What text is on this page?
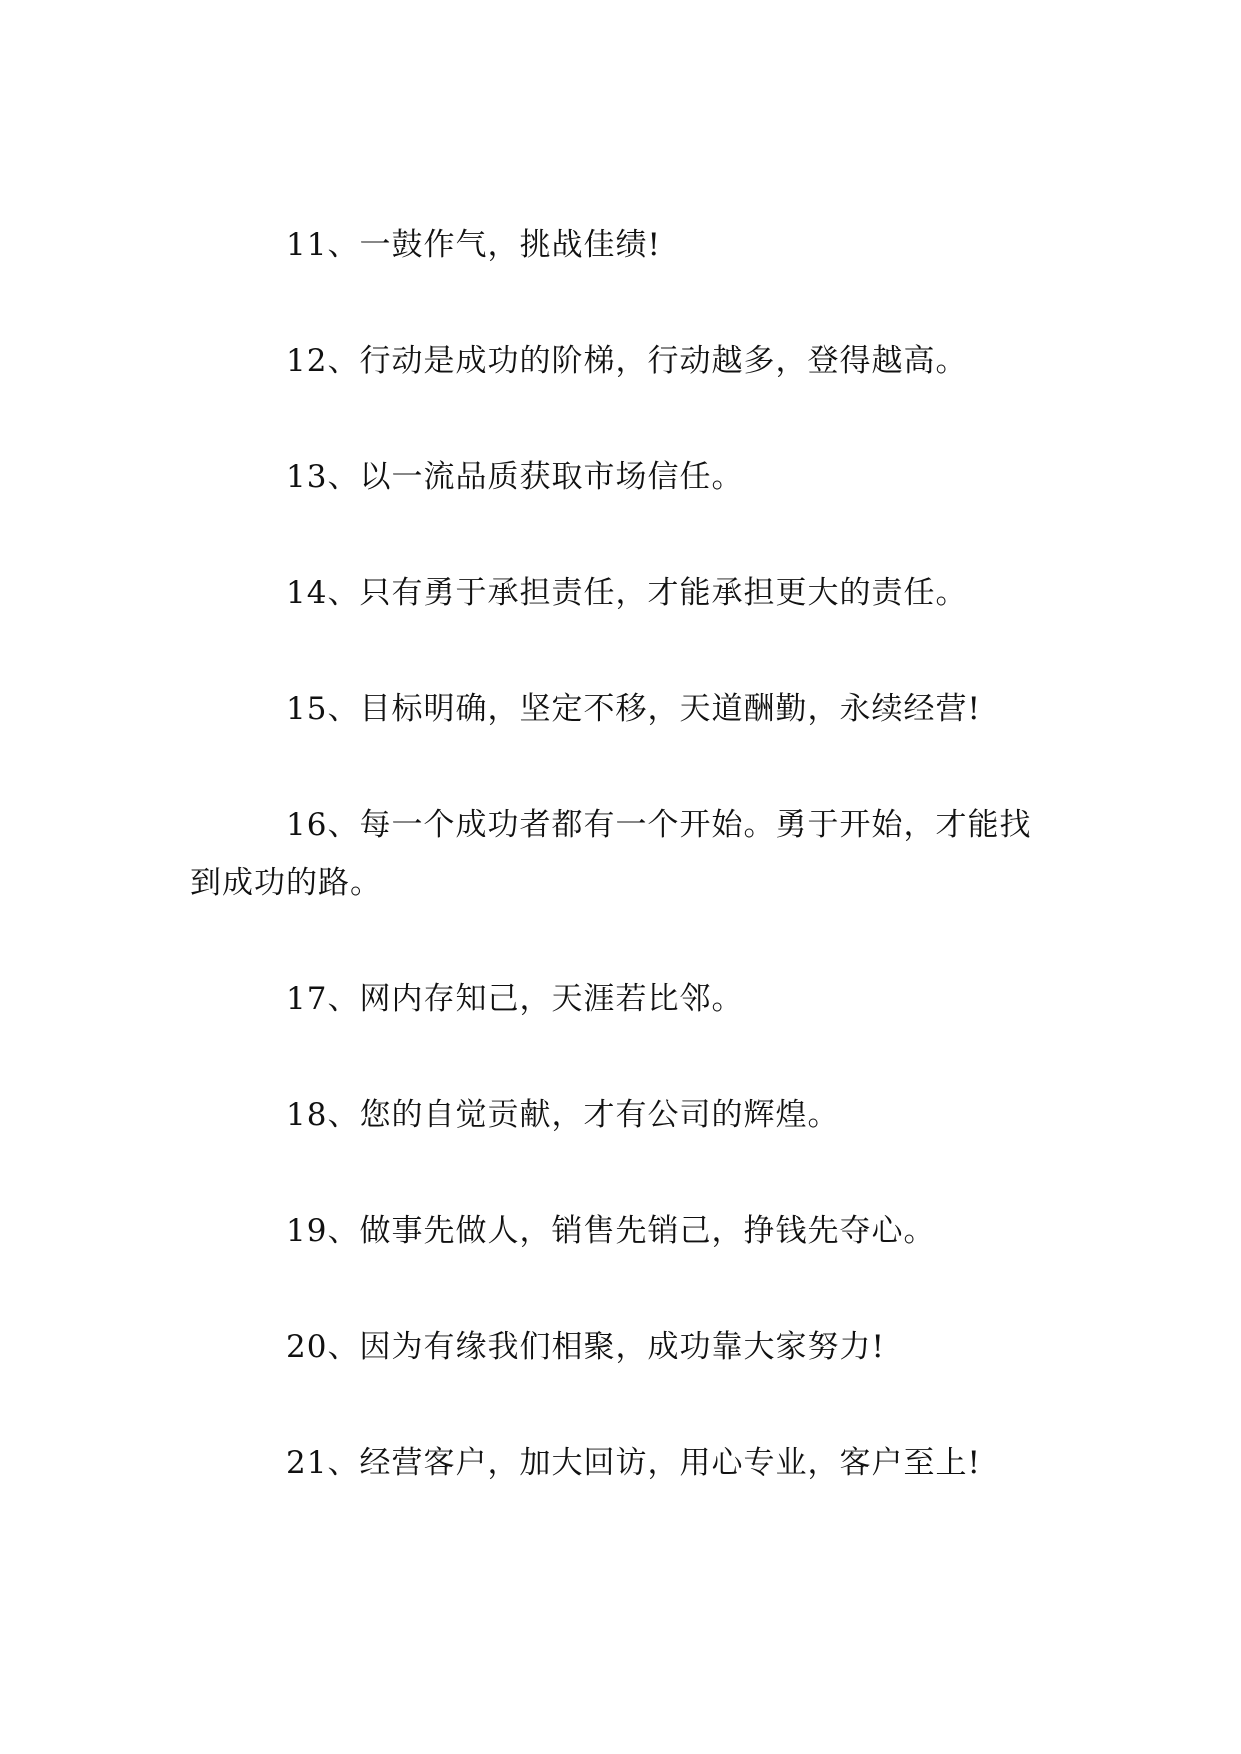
11、一鼓作气，挑战佳绩!

12、行动是成功的阶梯，行动越多，登得越高。

13、以一流品质获取市场信任。

14、只有勇于承担责任，才能承担更大的责任。

15、目标明确，坚定不移，天道酬勤，永续经营!

16、每一个成功者都有一个开始。勇于开始，才能找到成功的路。

17、网内存知己，天涯若比邻。

18、您的自觉贡献，才有公司的辉煌。

19、做事先做人，销售先销己，挣钱先夺心。

20、因为有缘我们相聚，成功靠大家努力!

21、经营客户，加大回访，用心专业，客户至上!
